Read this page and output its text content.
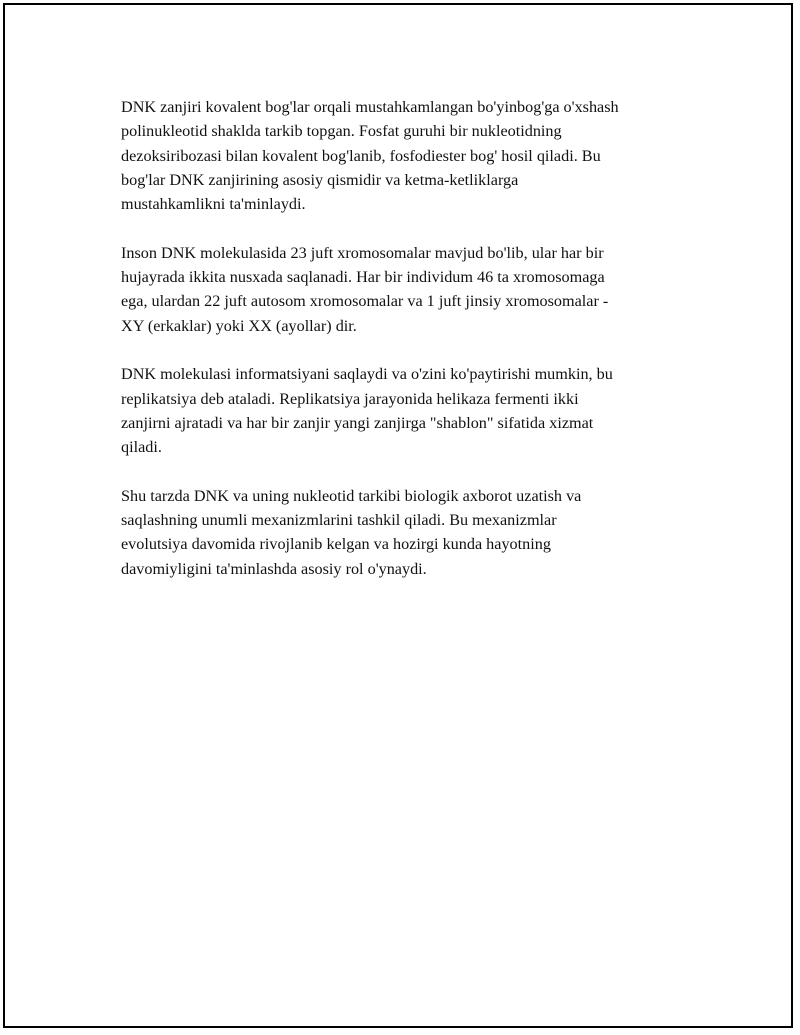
DNK zanjiri kovalent bog'lar orqali mustahkamlangan bo'yinbog'ga o'xshash
polinukleotid shaklda tarkib topgan. Fosfat guruhi bir nukleotidning
dezoksiribozasi bilan kovalent bog'lanib, fosfodiester bog' hosil qiladi. Bu
bog'lar DNK zanjirining asosiy qismidir va ketma-ketliklarga
mustahkamlikni ta'minlaydi.

Inson DNK molekulasida 23 juft xromosomalar mavjud bo'lib, ular har bir
hujayrada ikkita nusxada saqlanadi. Har bir individum 46 ta xromosomaga
ega, ulardan 22 juft autosom xromosomalar va 1 juft jinsiy xromosomalar -
XY (erkaklar) yoki XX (ayollar) dir.

DNK molekulasi informatsiyani saqlaydi va o'zini ko'paytirishi mumkin, bu
replikatsiya deb ataladi. Replikatsiya jarayonida helikaza fermenti ikki
zanjirni ajratadi va har bir zanjir yangi zanjirga "shablon" sifatida xizmat
qiladi.

Shu tarzda DNK va uning nukleotid tarkibi biologik axborot uzatish va
saqlashning unumli mexanizmlarini tashkil qiladi. Bu mexanizmlar
evolutsiya davomida rivojlanib kelgan va hozirgi kunda hayotning
davomiyligini ta'minlashda asosiy rol o'ynaydi.
